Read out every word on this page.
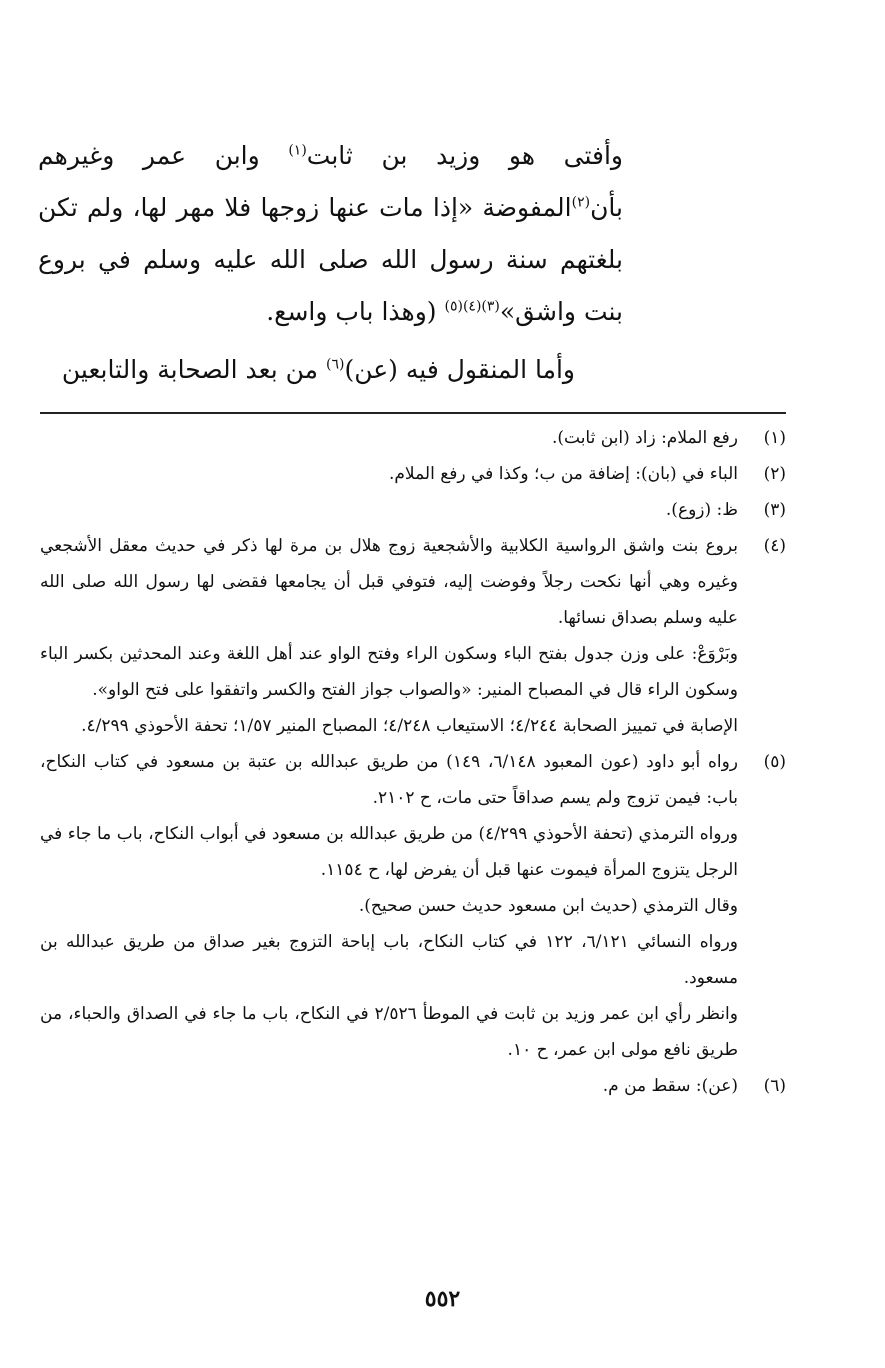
وأفتى هو وزيد بن ثابت$^{(١)}$ وابن عمر وغيرهم بأن$^{(٢)}$المفوضة «إذا مات عنها زوجها فلا مهر لها، ولم تكن بلغتهم سنة رسول الله صلى الله عليه وسلم في بروع بنت واشق»$^{(٣)(٤)(٥)}$ (وهذا باب واسع.

وأما المنقول فيه (عن)$^{(٦)}$ من بعد الصحابة والتابعين

(١)

رفع الملام: زاد (ابن ثابت).

(٢)

الباء في (بان): إضافة من ب؛ وكذا في رفع الملام.

(٣)

ظ: (زوع).

(٤)

بروع بنت واشق الرواسية الكلابية والأشجعية زوج هلال بن مرة لها ذكر في حديث معقل الأشجعي وغيره وهي أنها نكحت رجلاً وفوضت إليه، فتوفي قبل أن يجامعها فقضى لها رسول الله صلى الله عليه وسلم بصداق نسائها.

وبَرْوَعْ: على وزن جدول بفتح الباء وسكون الراء وفتح الواو عند أهل اللغة وعند المحدثين بكسر الباء وسكون الراء قال في المصباح المنير: «والصواب جواز الفتح والكسر واتفقوا على فتح الواو».

الإصابة في تمييز الصحابة ٤/٢٤٤؛ الاستيعاب ٤/٢٤٨؛ المصباح المنير ١/٥٧؛ تحفة الأحوذي ٤/٢٩٩.

(٥)

رواه أبو داود (عون المعبود ٦/١٤٨، ١٤٩) من طريق عبدالله بن عتبة بن مسعود في كتاب النكاح، باب: فيمن تزوج ولم يسم صداقاً حتى مات، ح ٢١٠٢.

ورواه الترمذي (تحفة الأحوذي ٤/٢٩٩) من طريق عبدالله بن مسعود في أبواب النكاح، باب ما جاء في الرجل يتزوج المرأة فيموت عنها قبل أن يفرض لها، ح ١١٥٤.

وقال الترمذي (حديث ابن مسعود حديث حسن صحيح).

ورواه النسائي ٦/١٢١، ١٢٢ في كتاب النكاح، باب إباحة التزوج بغير صداق من طريق عبدالله بن مسعود.

وانظر رأي ابن عمر وزيد بن ثابت في الموطأ ٢/٥٢٦ في النكاح، باب ما جاء في الصداق والحباء، من طريق نافع مولى ابن عمر، ح ١٠.

(٦)

(عن): سقط من م.

٥٥٢
